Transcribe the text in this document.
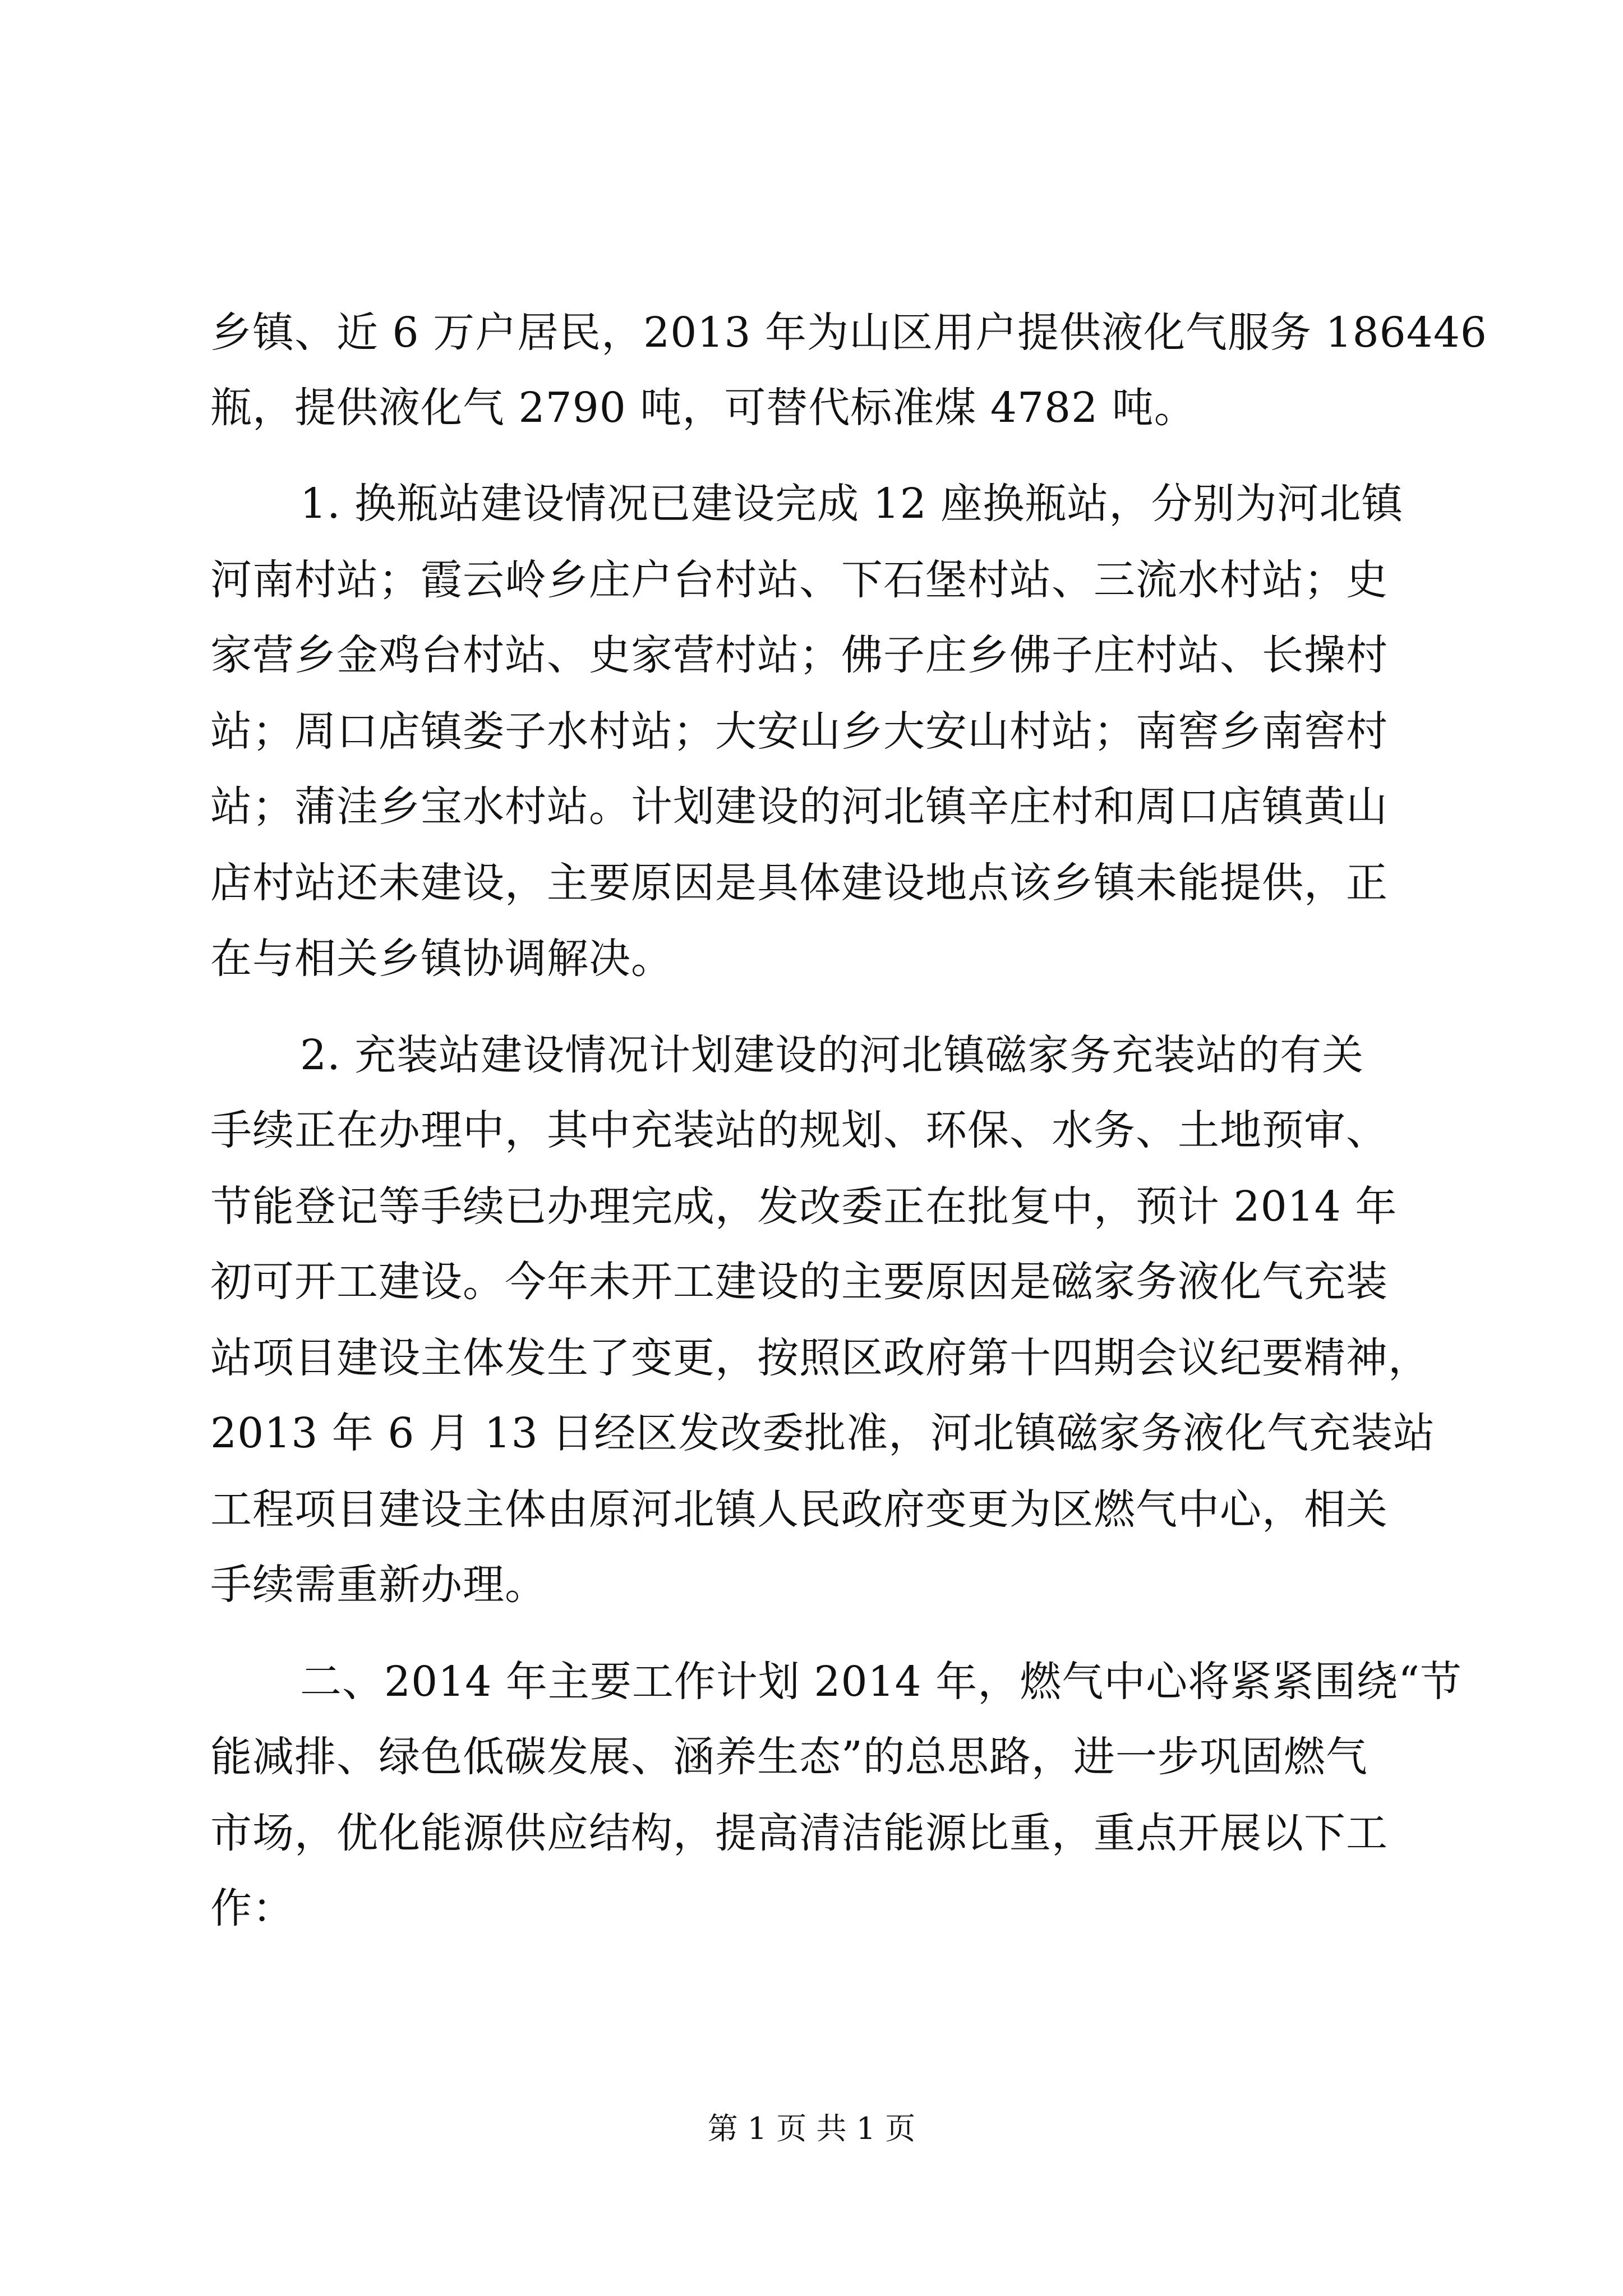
乡镇、近 6 万户居民，2013 年为山区用户提供液化气服务 186446
瓶，提供液化气 2790 吨，可替代标准煤 4782 吨。
1. 换瓶站建设情况已建设完成 12 座换瓶站，分别为河北镇
河南村站；霞云岭乡庄户台村站、下石堡村站、三流水村站；史
家营乡金鸡台村站、史家营村站；佛子庄乡佛子庄村站、长操村
站；周口店镇娄子水村站；大安山乡大安山村站；南窖乡南窖村
站；蒲洼乡宝水村站。计划建设的河北镇辛庄村和周口店镇黄山
店村站还未建设，主要原因是具体建设地点该乡镇未能提供，正
在与相关乡镇协调解决。
2. 充装站建设情况计划建设的河北镇磁家务充装站的有关
手续正在办理中，其中充装站的规划、环保、水务、土地预审、
节能登记等手续已办理完成，发改委正在批复中，预计 2014 年
初可开工建设。今年未开工建设的主要原因是磁家务液化气充装
站项目建设主体发生了变更，按照区政府第十四期会议纪要精神，
2013 年 6 月 13 日经区发改委批准，河北镇磁家务液化气充装站
工程项目建设主体由原河北镇人民政府变更为区燃气中心，相关
手续需重新办理。
二、2014 年主要工作计划 2014 年，燃气中心将紧紧围绕“节
能减排、绿色低碳发展、涵养生态”的总思路，进一步巩固燃气
市场，优化能源供应结构，提高清洁能源比重，重点开展以下工
作：
第 1 页 共 1 页
